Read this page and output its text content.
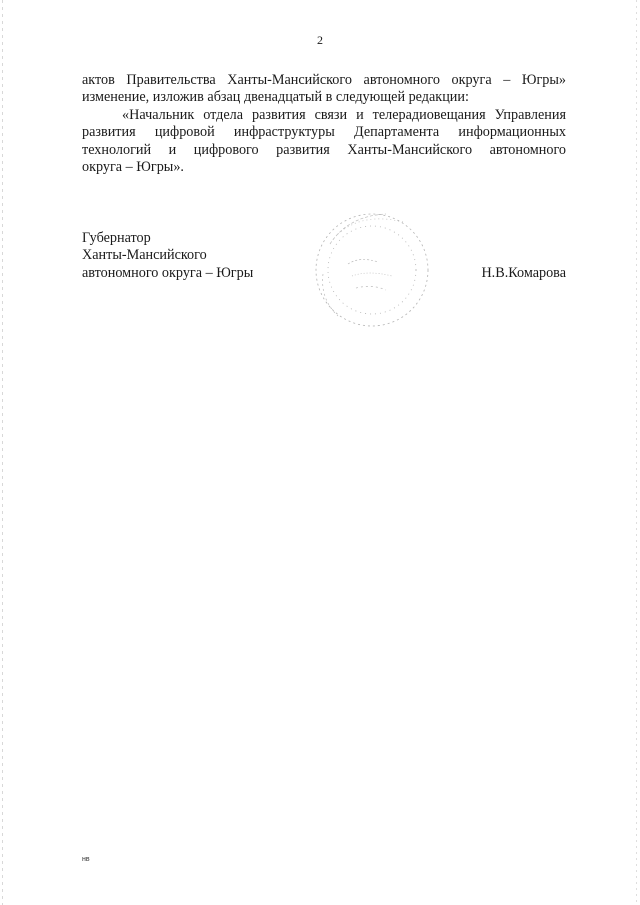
2
актов Правительства Ханты-Мансийского автономного округа – Югры»
изменение, изложив абзац двенадцатый в следующей редакции:
«Начальник отдела развития связи и телерадиовещания Управления
развития цифровой инфраструктуры Департамента информационных
технологий и цифрового развития Ханты-Мансийского автономного
округа – Югры».
Губернатор
Ханты-Мансийского
автономного округа – Югры	Н.В.Комарова
нв
